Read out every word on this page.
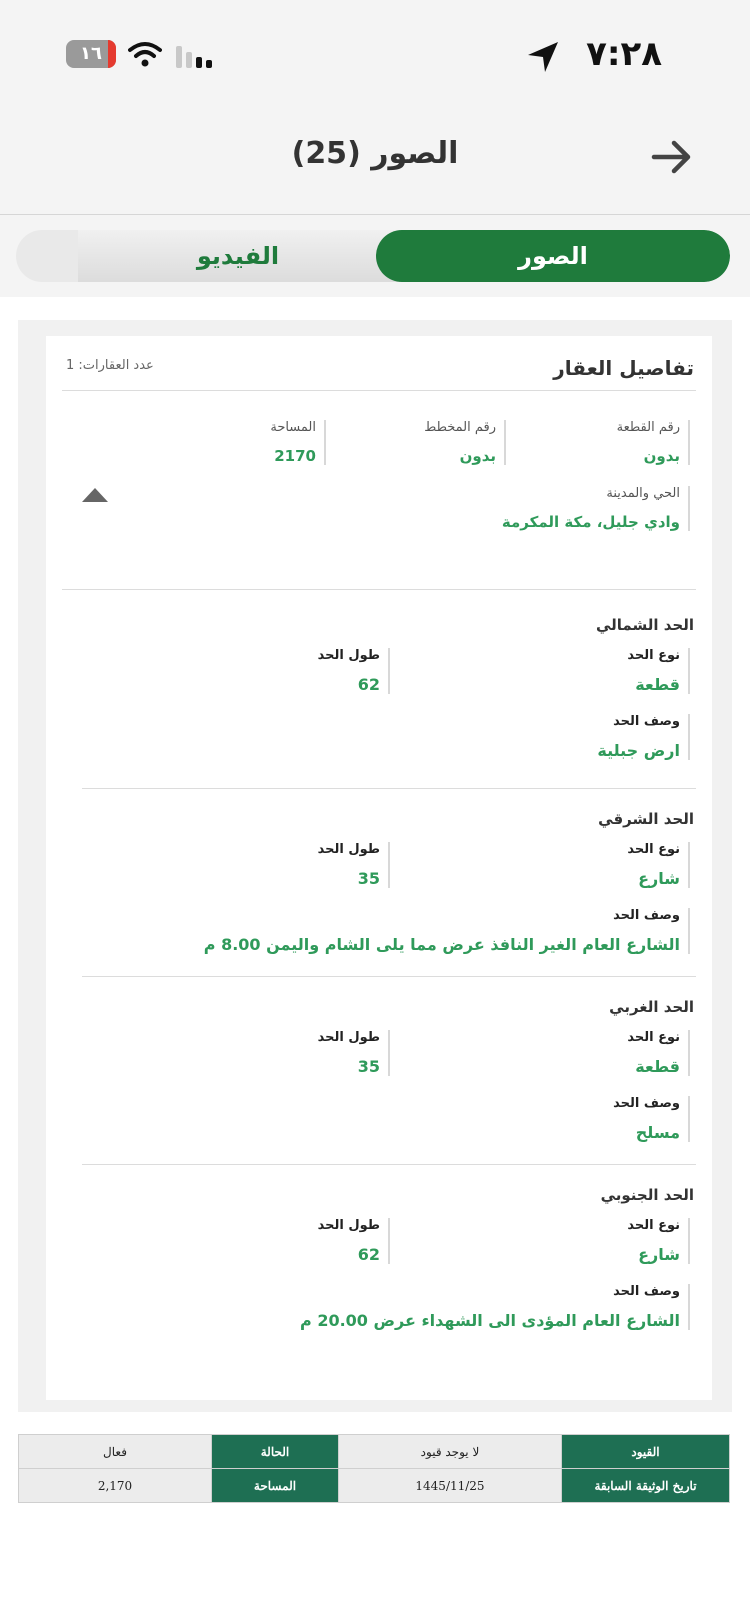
١٦	٧:٢٨
الصور (25)
الفيديو	الصور
تفاصيل العقار
عدد العقارات: 1
رقم القطعة
بدون
رقم المخطط
بدون
المساحة
2170
الحي والمدينة
وادي جليل، مكة المكرمة
الحد الشمالي
نوع الحد
قطعة
طول الحد
62
وصف الحد
ارض جبلية
الحد الشرقي
نوع الحد
شارع
طول الحد
35
وصف الحد
الشارع العام الغير النافذ عرض مما يلى الشام واليمن 8.00 م
الحد الغربي
نوع الحد
قطعة
طول الحد
35
وصف الحد
مسلح
الحد الجنوبي
نوع الحد
شارع
طول الحد
62
وصف الحد
الشارع العام المؤدى الى الشهداء عرض 20.00 م
فعال	الحالة	لا يوجد قيود	القيود
2,170	المساحة	1445/11/25	تاريخ الوثيقة السابقة
